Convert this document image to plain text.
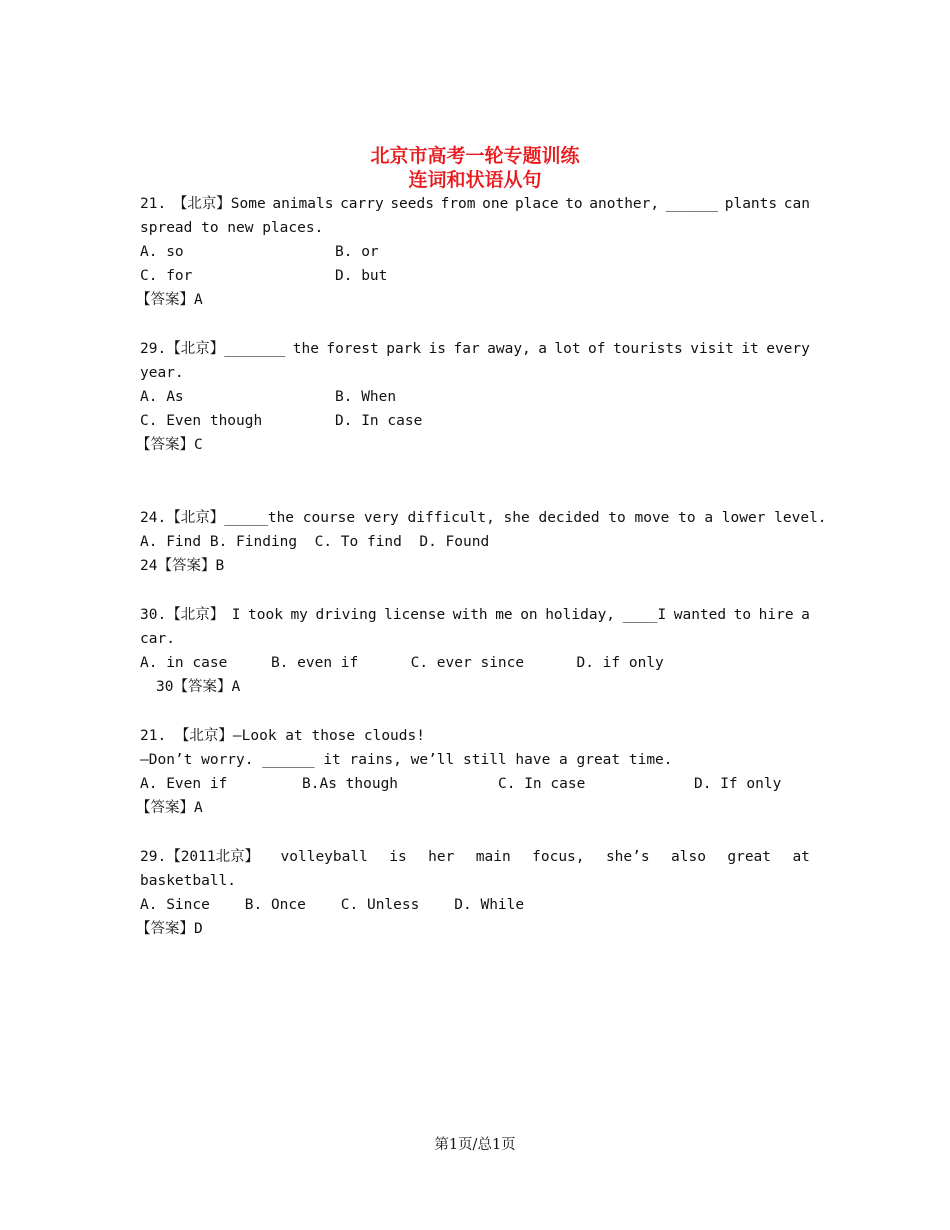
北京市高考一轮专题训练
连词和状语从句
21. 【北京】Some animals carry seeds from one place to another, ______ plants can
spread to new places.
A. so	B. or
C. for	D. but
【答案】A
29.【北京】_______ the forest park is far away, a lot of tourists visit it every
year.
A. As	B. When
C. Even though	D. In case
【答案】C
24.【北京】_____the course very difficult, she decided to move to a lower level.
A. Find B. Finding  C. To find  D. Found
24【答案】B
30.【北京】 I took my driving license with me on holiday, ____I wanted to hire a
car.
A. in case     B. even if      C. ever since      D. if only
30【答案】A
21. 【北京】—Look at those clouds!
—Don’t worry. ______ it rains, we’ll still have a great time.
A. Even if	B.As though	C. In case	D. If only
【答案】A
29.【2011北京】 volleyball is her main focus, she’s also great at
basketball.
A. Since    B. Once    C. Unless    D. While
【答案】D
第1页/总1页
